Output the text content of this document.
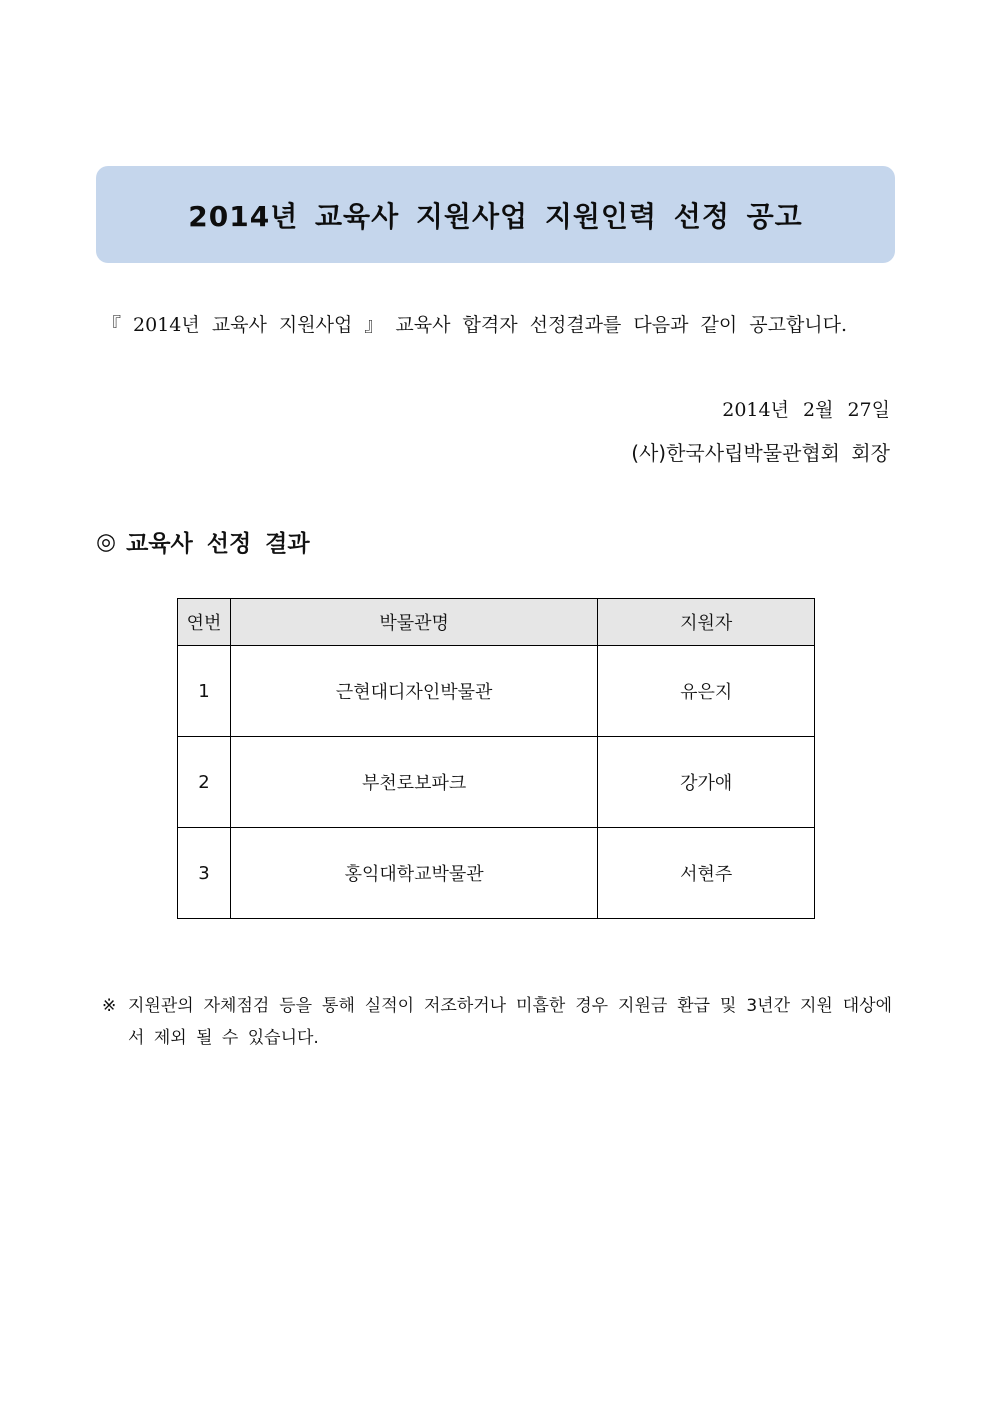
2014년 교육사 지원사업 지원인력 선정 공고
『 2014년 교육사 지원사업 』 교육사 합격자 선정결과를 다음과 같이 공고합니다.
2014년 2월 27일
(사)한국사립박물관협회 회장
◎ 교육사 선정 결과
연번	박물관명	지원자
1	근현대디자인박물관	유은지
2	부천로보파크	강가애
3	홍익대학교박물관	서현주
※ 지원관의 자체점검 등을 통해 실적이 저조하거나 미흡한 경우 지원금 환급 및 3년간 지원 대상에서 제외 될 수 있습니다.
